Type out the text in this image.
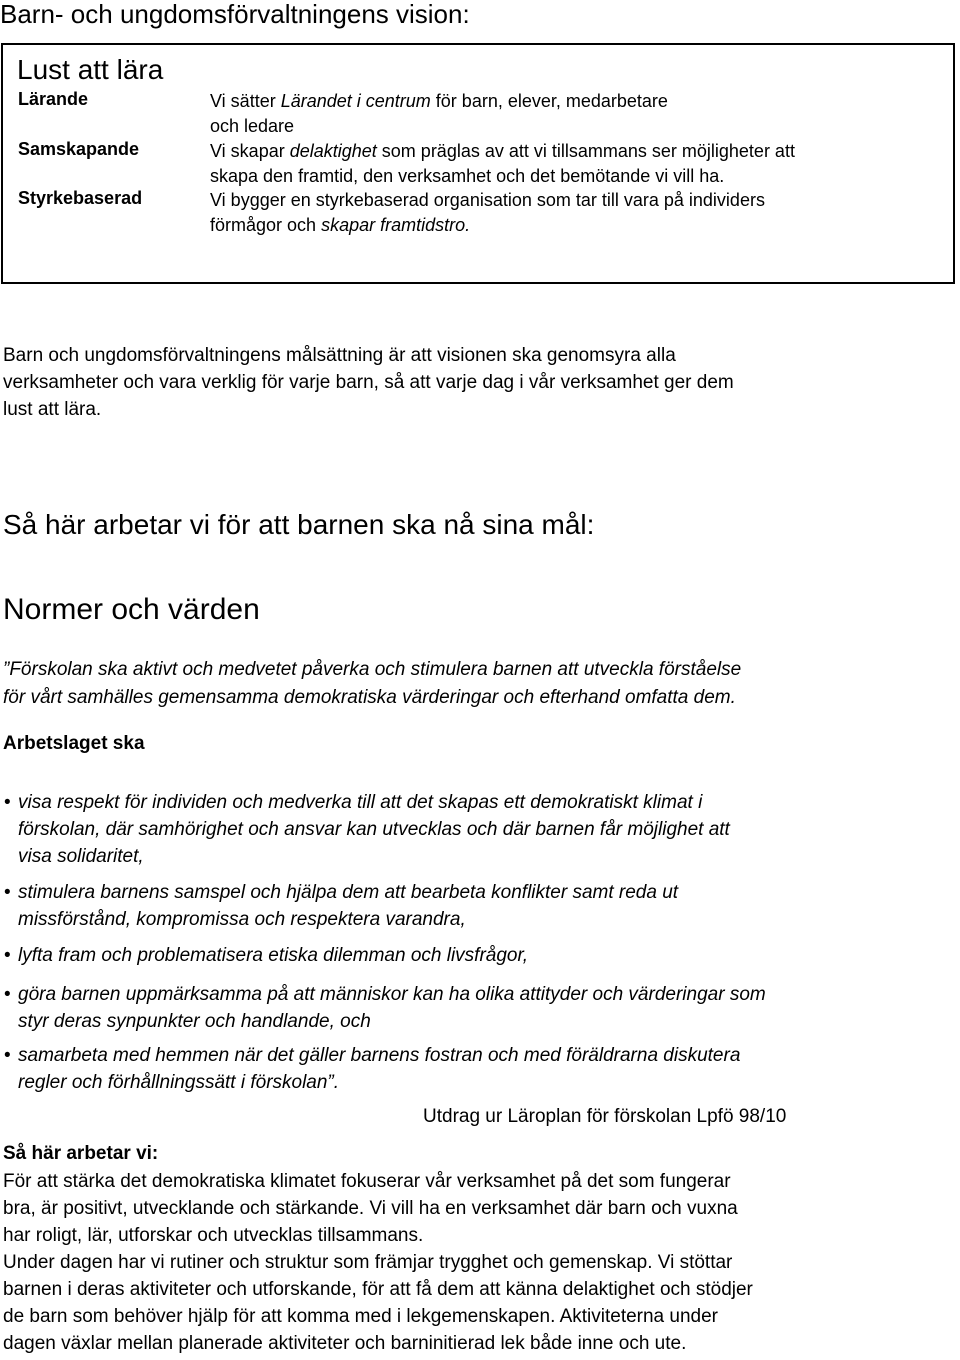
Barn- och ungdomsförvaltningens vision:
Lust att lära
Lärande	Vi sätter Lärandet i centrum för barn, elever, medarbetare
och ledare
Samskapande	Vi skapar delaktighet som präglas av att vi tillsammans ser möjligheter att
skapa den framtid, den verksamhet och det bemötande vi vill ha.
Styrkebaserad	Vi bygger en styrkebaserad organisation som tar till vara på individers
förmågor och skapar framtidstro.
Barn och ungdomsförvaltningens målsättning är att visionen ska genomsyra alla
verksamheter och vara verklig för varje barn, så att varje dag i vår verksamhet ger dem
lust att lära.
Så här arbetar vi för att barnen ska nå sina mål:
Normer och värden
”Förskolan ska aktivt och medvetet påverka och stimulera barnen att utveckla förståelse
för vårt samhälles gemensamma demokratiska värderingar och efterhand omfatta dem.
Arbetslaget ska
• visa respekt för individen och medverka till att det skapas ett demokratiskt klimat i
förskolan, där samhörighet och ansvar kan utvecklas och där barnen får möjlighet att
visa solidaritet,
• stimulera barnens samspel och hjälpa dem att bearbeta konflikter samt reda ut
missförstånd, kompromissa och respektera varandra,
• lyfta fram och problematisera etiska dilemman och livsfrågor,
• göra barnen uppmärksamma på att människor kan ha olika attityder och värderingar som
styr deras synpunkter och handlande, och
• samarbeta med hemmen när det gäller barnens fostran och med föräldrarna diskutera
regler och förhållningssätt i förskolan”.
Utdrag ur Läroplan för förskolan Lpfö 98/10
Så här arbetar vi:
För att stärka det demokratiska klimatet fokuserar vår verksamhet på det som fungerar
bra, är positivt, utvecklande och stärkande. Vi vill ha en verksamhet där barn och vuxna
har roligt, lär, utforskar och utvecklas tillsammans.
Under dagen har vi rutiner och struktur som främjar trygghet och gemenskap. Vi stöttar
barnen i deras aktiviteter och utforskande, för att få dem att känna delaktighet och stödjer
de barn som behöver hjälp för att komma med i lekgemenskapen. Aktiviteterna under
dagen växlar mellan planerade aktiviteter och barninitierad lek både inne och ute.
